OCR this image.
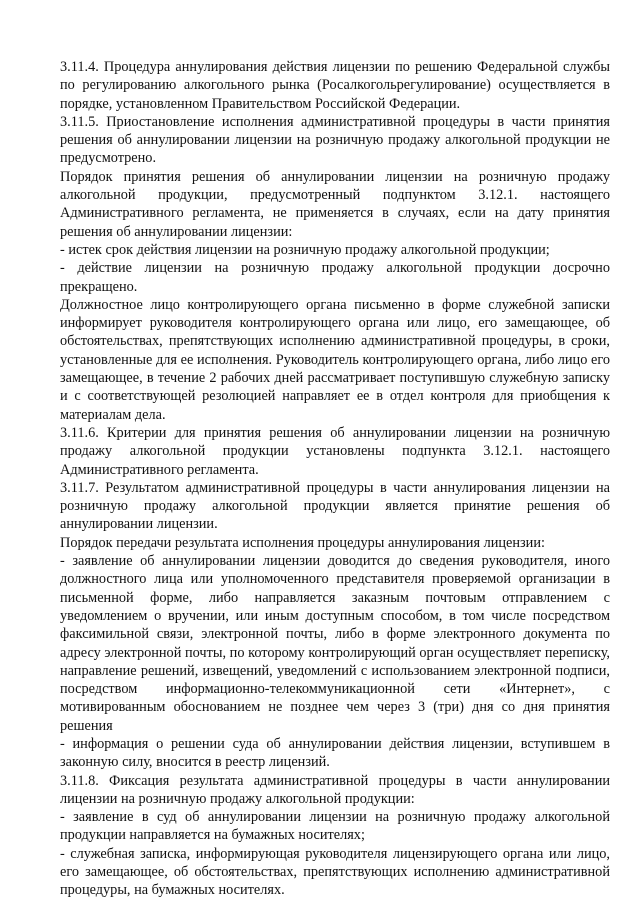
3.11.4. Процедура аннулирования действия лицензии по решению Федеральной службы по регулированию алкогольного рынка (Росалкогольрегулирование) осуществляется в порядке, установленном Правительством Российской Федерации.

3.11.5. Приостановление исполнения административной процедуры в части принятия решения об аннулировании лицензии на розничную продажу алкогольной продукции не предусмотрено.

Порядок принятия решения об аннулировании лицензии на розничную продажу алкогольной продукции, предусмотренный подпунктом 3.12.1. настоящего Административного регламента, не применяется в случаях, если на дату принятия решения об аннулировании лицензии:

- истек срок действия лицензии на розничную продажу алкогольной продукции;

- действие лицензии на розничную продажу алкогольной продукции досрочно прекращено.

Должностное лицо контролирующего органа письменно в форме служебной записки информирует руководителя контролирующего органа или лицо, его замещающее, об обстоятельствах, препятствующих исполнению административной процедуры, в сроки, установленные для ее исполнения. Руководитель контролирующего органа, либо лицо его замещающее, в течение 2 рабочих дней рассматривает поступившую служебную записку и с соответствующей резолюцией направляет ее в отдел контроля для приобщения к материалам дела.

3.11.6. Критерии для принятия решения об аннулировании лицензии на розничную продажу алкогольной продукции установлены подпункта 3.12.1. настоящего Административного регламента.

3.11.7. Результатом административной процедуры в части аннулирования лицензии на розничную продажу алкогольной продукции является принятие решения об аннулировании лицензии.

Порядок передачи результата исполнения процедуры аннулирования лицензии:

- заявление об аннулировании лицензии доводится до сведения руководителя, иного должностного лица или уполномоченного представителя проверяемой организации в письменной форме, либо направляется заказным почтовым отправлением с уведомлением о вручении, или иным доступным способом, в том числе посредством факсимильной связи, электронной почты, либо в форме электронного документа по адресу электронной почты, по которому контролирующий орган осуществляет переписку, направление решений, извещений, уведомлений с использованием электронной подписи, посредством информационно-телекоммуникационной сети «Интернет», с мотивированным обоснованием не позднее чем через 3 (три) дня со дня принятия решения

- информация о решении суда об аннулировании действия лицензии, вступившем в законную силу, вносится в реестр лицензий.

3.11.8. Фиксация результата административной процедуры в части аннулировании лицензии на розничную продажу алкогольной продукции:

- заявление в суд об аннулировании лицензии на розничную продажу алкогольной продукции направляется на бумажных носителях;

- служебная записка, информирующая руководителя лицензирующего органа или лицо, его замещающее, об обстоятельствах, препятствующих исполнению административной процедуры, на бумажных носителях.
